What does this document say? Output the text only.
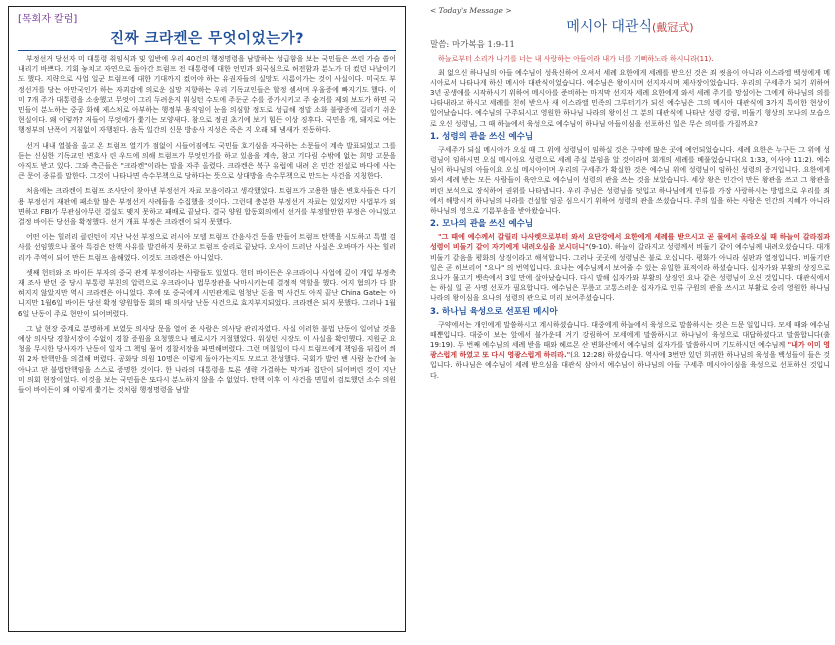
[목회자 칼럼]
진짜 크라켄은 무엇이었는가?

부정선거 당선자 미 대통령 취임식과 및 일반에 우리 40건의 행정명령을 남발하는 성급함을 보는 국민들은 쓰린 가슴 쓸어내리기 바쁘다. 기회 놓치고 자연으로 돌아간 트럼프 전 대통령에 대한 언민과 외국심으로 허전함과 분노가 더 컸던 나날이기도 했다. 지략으로 사업 일군 트럼프에 대한 기대까지 컸어야 하는 유권자들의 실망도 시름이가는 것이 사실이다. 미국도 부정선거를 당는 아만국인가 하는 자괴감에 의로운 실망 지향하는 우리 기독교인들은 할정 셈셔며 우울증에 빠지기도 했다. 이미 7개 주가 대통령을 소송했고 무엇이 그리 두려운지 워싱턴 수도에 주둔군 수를 증가시키고 주 숨겨를 제외 보도가 하면 국민들이 분노하는 중공 화해 제스처로 아부하는 행정부 움직임이 눈을 의심할 정도로 성급해 정말 소화 불량증에 걸리기 쉬운 현실이다. 왜 이렇까? 저들이 무엇에가 쫓기는 모양새다. 참으로 정권 초기에 보기 힘든 이상 징후다. 국민을 개, 돼지로 여는 행정부의 난폭이 거침없이 자행된다. 음독 일간의 신문 방송사 지성은 죽은 지 오래 돼 냄새가 진동하다.

선거 내내 열불을 올고 온 트럼프 열기가 점없이 시들어짐에도 국민들 호기심을 자극하는 소문들이 계속 발표되었고 그를 듣는 신심한 기독교인 변호사 린 우드에 의해 트럼프가 무엇인가를 하고 있음을 계속, 참고 기다림 수밖에 없는 희망 고문을 아직도 받고 있다. 그와 측근들은 "크라켄"이라는 말을 자주 올렸다. 크라켄은 북구 유럽에 내려 온 민간 전설로 바다에 사는 큰 문어 종류를 말한다. 그것이 나타나면 속수무책으로 당하다는 뜻으로 상대방을 속수무책으로 만드는 사건을 지칭한다.

처음에는 크라켄이 트럼프 조사단이 찾아낸 부정선거 자료 모음이라고 생각했었다. 트럼프가 고용한 많은 변호사들은 다기 용 부정선거 재판에 패소할 많은 부정선거 사례들을 수집했을 것이다. 그런데 충분한 부정선거 자료는 있었지만 사법부가 외면하고 FBI가 무관심아무런 결실도 맺지 못하고 패배로 끝났다. 결국 양원 합동회의에서 선거를 부정할만한 부정은 아니었고 결정 바이든 당선을 확정했다. 선거 개표 부정은 크라켄이 되지 못했다.

어떤 이는 힐러리 클린턴이 지난 낙선 부정으로 러시아 모델 트럼프 간음사건 등을 만들어 트럼프 탄핵을 시도하고 특별 검사를 선임했으나 몰아 특검은 탄핵 사유를 발견하지 못하고 트럼프 승리로 끝났다. 오사이 드러난 사실은 오바마가 사는 힐러리가 주역이 되어 만든 트럼프 음해였다. 이것도 크라켄은 아니었다.

셋째 헌터와 조 바이든 부자의 중국 관계 부정이라는 사람들도 있었다. 헌터 바이든은 우크라이나 사업에 깊이 개입 부정축재 조사 받던 중 당시 부통령 부친의 압력으로 우크라이나 법무장관을 낙마시키는데 결정적 역할을 했다. 여지 혐의가 다 밝혀지지 않았지만 역시 크라켄은 아니었다. 후에 또 중국에게 시민관계로 엄청난 돈을 먹 사건도 아직 끝난 China Gate는 아니지만 1월6일 바이든 당선 확정 양원합동 회의 때 의사당 난동 사건으로 효지부지되었다. 크라켄은 되지 못했다. 그러나 1월6일 난동이 주로 현안이 되어버렸다.

그 날 현장 중계로 분명하게 보였듯 의사당 문을 열어 준 사람은 의사당 관리자였다. 사실 이러한 불법 난동이 일어날 것을 예상 의사당 경찰서장이 수없이 경찰 증원을 요청했으나 펠로시가 거절했었다. 워싱턴 시장도 이 사실을 확인했다. 지원군 요청을 무시한 당사자가 난동이 일자 그 책임 물어 경찰서장을 파면해버렸다. 그런 며칠일이 다시 트럼프에게 책임을 뒤집어 씌워 2차 탄핵안을 의결해 버렸다. 공화당 의원 10명은 이렇게 돌아가는지도 모르고 찬성했다. 국회가 발언 밴 사람 농간에 놀아나고 판 불법탄핵임을 스스로 증명한 것이다. 한 나라의 대통령을 토론 생략 가결하는 막가파 집단이 되어버린 것이 지난 미 의회 현장이었다. 이것을 보는 국민들은 또다시 분노하지 않을 수 없었다. 탄핵 이후 이 사건을 면밀히 검토했던 소수 의원들이 바이든이 왜 이렇게 쫓기는 것처럼 행정명령을 남발

< Today's Message >
메시아 대관식(戴冠式)
말씀: 마가복음 1:9-11
하늘로부터 소리가 나기를 너는 내 사랑하는 아들이라 내가 너를 기뻐하노라 하시니라(11).

최 없으신 하나님의 아들 예수님이 성육신하여 오셔서 세례 요한에게 세례를 받으신 것은 죄 씻음이 아니라 이스라엘 백성에게 메시아로서 나타나게 하신 메시아 대관식이었습니다. 예수님은 왕이시며 선지자시며 제사장이었습니다. 우리의 구세주가 되기 위하여 3년 공생애를 시작하시기 위하여 메시아를 준비하는 마지막 선지자 세례 요한에게 와서 세례 주기를 망설이는 그에게 하나님의 의를 나타내라고 하시고 세례를 친히 받으사 새 이스라엘 민족의 그루터기가 되신 예수님은 그의 메시아 대관식에 3가지 특이한 현상이 일어났습니다. 예수님의 구주되시고 영원한 하나님 나라의 왕이신 그 분의 대관식에 나타난 성령 강림, 비둘기 형상의 모나의 모습으로 오신 성령님, 그 때 하늘에서 육성으로 예수님이 하나님 아들이심을 선포하신 일은 무슨 의미를 가질까요?

1. 성령의 관을 쓰신 예수님

구세주가 되실 메시아가 오실 때 그 위에 성령님이 임하실 것은 구약에 많은 곳에 예언되었습니다. 세례 요한은 누구든 그 위에 성령님이 임하시면 오실 메시아요 성령으로 세례 주실 분임을 알 것이라며 회개의 세례를 베풀었습니다(요 1:33, 이사야 11:2). 예수님이 하나님의 아들이요 오실 메시아이며 우리의 구세주가 확실한 것은 예수님 위에 성령님이 임하신 성령의 증거입니다. 요한에게 와서 세례 받는 모든 사람들이 육안으로 예수님이 성령의 관을 쓰는 것을 보았습니다. 세상 왕은 인간이 만든 왕관을 쓰고 그 왕관을 버린 보석으로 장식하여 권위를 나타냅니다. 우리 주님은 성령님을 덧입고 하나님에게 인류를 가장 사랑하시는 방법으로 우리를 죄에서 해방시켜 하나님의 나라를 건설할 임공 심으시기 위하여 성령의 관을 쓰셨습니다. 주의 일을 하는 사람은 인간의 지혜가 아니라 하나님의 영으로 기름부음을 받아왔습니다.

2. 모나의 관을 쓰신 예수님

"그 때에 예수께서 갈릴리 나사렛으로부터 와서 요단강에서 요한에게 세례를 받으시고 곧 물에서 올라오실 때 하늘이 갈라짐과 성령이 비둘기 같이 자기에게 내려오심을 보시더니"(9-10). 하늘이 갈라지고 성령께서 비둘기 같이 예수님께 내려오셨습니다. 대개 비둘기 같음을 평화의 상징이라고 해석합니다. 그러나 곳곳에 성령님은 불로 오십니다. 평화가 아니라 심판과 열정입니다. 비둘기란 일은 곧 히브리어 "요나" 의 번역입니다. 요나는 예수님께서 보여줄 수 있는 유일한 표적이라 하셨습니다. 십자가와 부활의 상징으로 요나가 물고기 뱃속에서 3일 만에 살아났습니다. 다시 말해 십자가와 부활의 상징인 요나 같은 성령님이 오신 것입니다. 대관식에서는 하실 일 곧 사명 선포가 필요합니다. 예수님은 무릎고 고통스러운 십자가로 인류 구원의 관을 쓰시고 부활로 승리 영원한 하나님 나라의 왕이심을 요나의 성령의 관으로 미리 보여주셨습니다.

3. 하나님 육성으로 선포된 메시아

구약에서는 개인에게 말씀하시고 계시하셨습니다. 대중에게 하늘에서 육성으로 말씀하시는 것은 드문 일입니다. 모세 때와 예수님 때뿐입니다. 대중이 보는 앞에서 불가운데 거기 강림하여 모세에게 말씀하시고 하나님이 육성으로 대답하셨다고 말씀합니다(출 19:19). 두 번째 예수님의 세례 받을 때와 헤르몬 산 변화산에서 예수님의 십자가를 말씀하시며 기도하시던 예수님께 "내가 이미 영광스럽게 하였고 또 다시 영광스럽게 하리라."(요 12:28) 하셨습니다. 역사에 3번만 있던 희귀한 하나님의 육성을 백성들이 들은 것입니다. 하나님은 예수님이 세례 받으심을 대관식 삼아서 예수님이 하나님의 아들 구세주 메시아이심을 육성으로 선포하신 것입니다.
